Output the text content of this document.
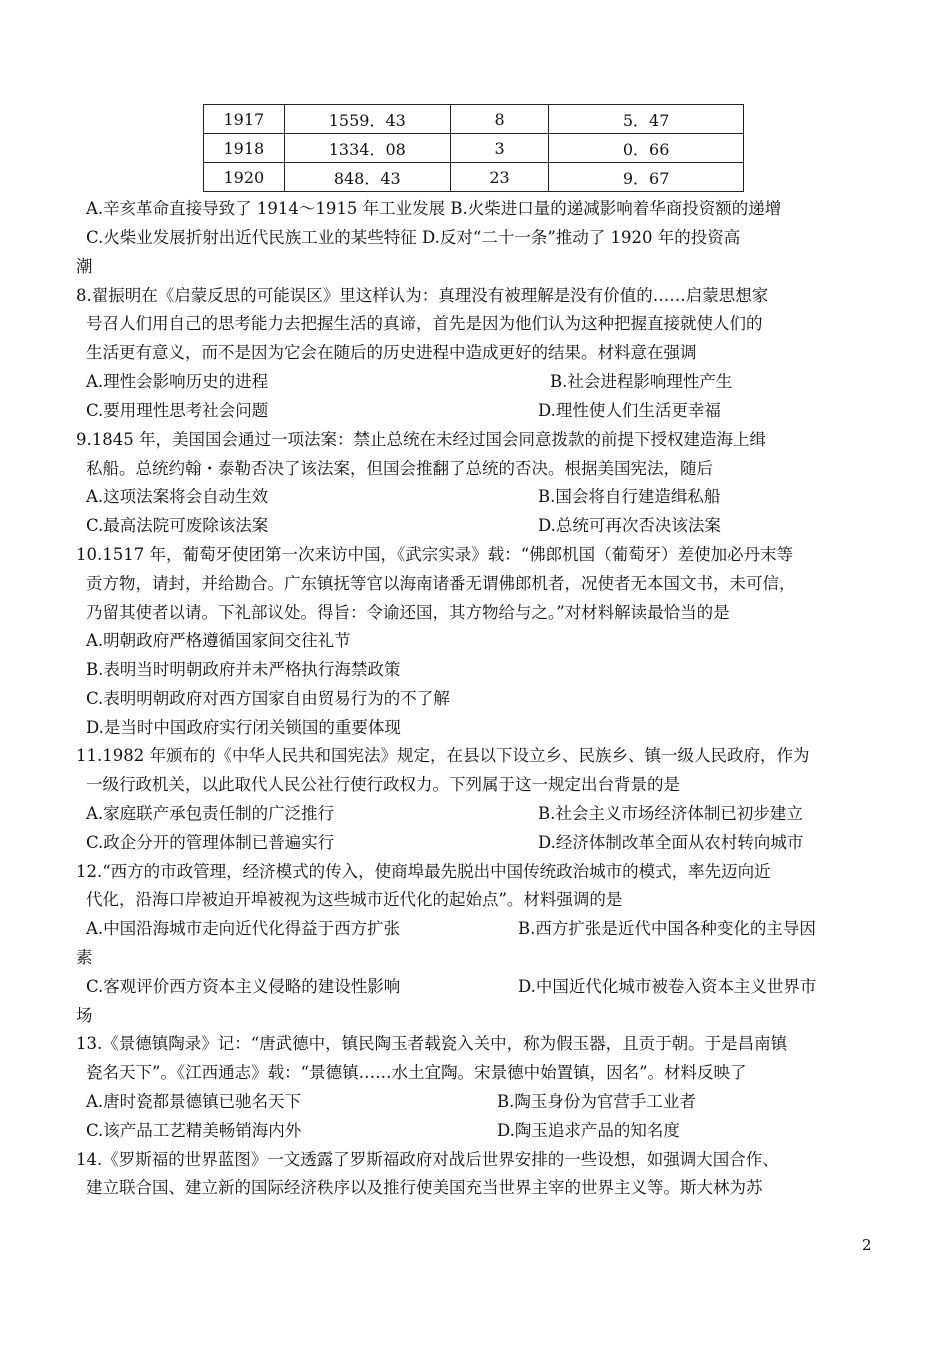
1917	1559．43	8	5．47
1918	1334．08	3	0．66
1920	848．43	23	9．67
A.辛亥革命直接导致了 1914～1915 年工业发展 B.火柴进口量的递减影响着华商投资额的递增
C.火柴业发展折射出近代民族工业的某些特征 D.反对“二十一条”推动了 1920 年的投资高
潮
8.翟振明在《启蒙反思的可能误区》里这样认为：真理没有被理解是没有价值的……启蒙思想家
号召人们用自己的思考能力去把握生活的真谛，首先是因为他们认为这种把握直接就使人们的
生活更有意义，而不是因为它会在随后的历史进程中造成更好的结果。材料意在强调
A.理性会影响历史的进程	B.社会进程影响理性产生
C.要用理性思考社会问题	D.理性使人们生活更幸福
9.1845 年，美国国会通过一项法案：禁止总统在未经过国会同意拨款的前提下授权建造海上缉
私船。总统约翰・泰勒否决了该法案，但国会推翻了总统的否决。根据美国宪法，随后
A.这项法案将会自动生效	B.国会将自行建造缉私船
C.最高法院可废除该法案	D.总统可再次否决该法案
10.1517 年，葡萄牙使团第一次来访中国，《武宗实录》载：“佛郎机国（葡萄牙）差使加必丹末等
贡方物，请封，并给勘合。广东镇抚等官以海南诸番无谓佛郎机者，况使者无本国文书，未可信，
乃留其使者以请。下礼部议处。得旨：令谕还国，其方物给与之。”对材料解读最恰当的是
A.明朝政府严格遵循国家间交往礼节
B.表明当时明朝政府并未严格执行海禁政策
C.表明明朝政府对西方国家自由贸易行为的不了解
D.是当时中国政府实行闭关锁国的重要体现
11.1982 年颁布的《中华人民共和国宪法》规定，在县以下设立乡、民族乡、镇一级人民政府，作为
一级行政机关，以此取代人民公社行使行政权力。下列属于这一规定出台背景的是
A.家庭联产承包责任制的广泛推行	B.社会主义市场经济体制已初步建立
C.政企分开的管理体制已普遍实行	D.经济体制改革全面从农村转向城市
12.“西方的市政管理，经济模式的传入，使商埠最先脱出中国传统政治城市的模式，率先迈向近
代化，沿海口岸被迫开埠被视为这些城市近代化的起始点”。材料强调的是
A.中国沿海城市走向近代化得益于西方扩张	B.西方扩张是近代中国各种变化的主导因
素
C.客观评价西方资本主义侵略的建设性影响	D.中国近代化城市被卷入资本主义世界市
场
13.《景德镇陶录》记：“唐武德中，镇民陶玉者载瓷入关中，称为假玉器，且贡于朝。于是昌南镇
瓷名天下”。《江西通志》载：“景德镇……水土宜陶。宋景德中始置镇，因名”。材料反映了
A.唐时瓷都景德镇已驰名天下	B.陶玉身份为官营手工业者
C.该产品工艺精美畅销海内外	D.陶玉追求产品的知名度
14.《罗斯福的世界蓝图》一文透露了罗斯福政府对战后世界安排的一些设想，如强调大国合作、
建立联合国、建立新的国际经济秩序以及推行使美国充当世界主宰的世界主义等。斯大林为苏
2
